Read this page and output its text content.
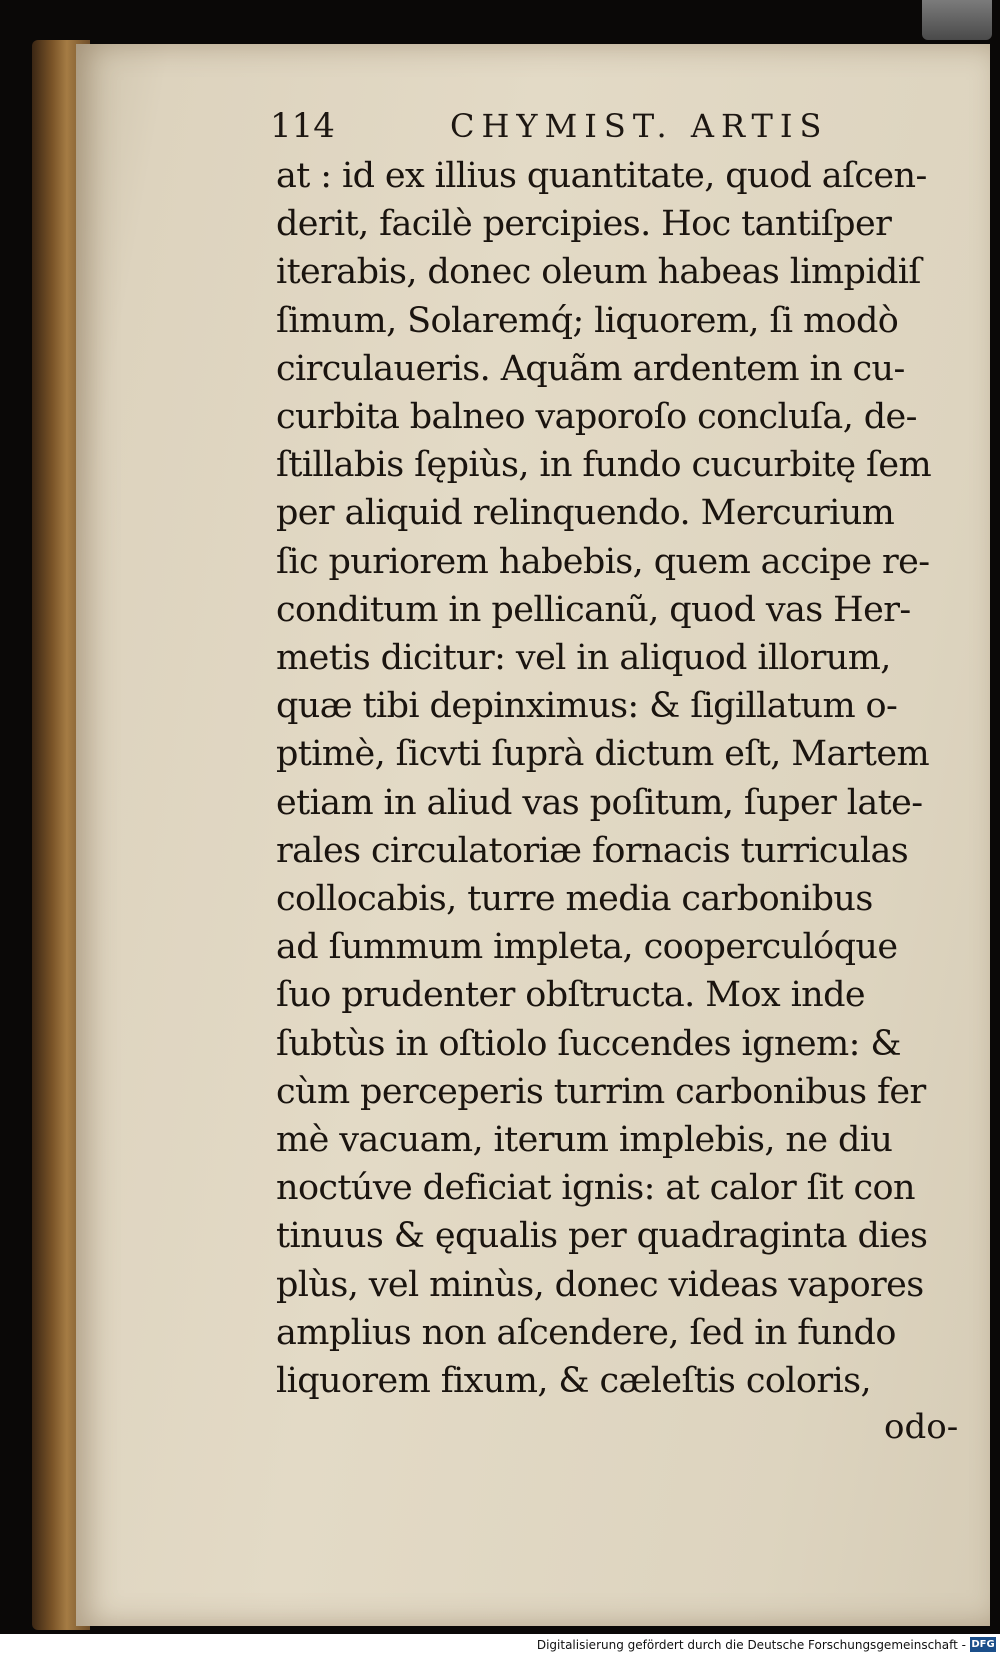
114	CHYMIST. ARTIS
at : id ex illius quantitate, quod aſcen-
derit, facilè percipies. Hoc tantiſper
iterabis, donec oleum habeas limpidiſ
ſimum, Solaremq́; liquorem, ſi modò
circulaueris. Aquãm ardentem in cu-
curbita balneo vaporoſo concluſa, de-
ſtillabis ſępiùs, in fundo cucurbitę ſem
per aliquid relinquendo. Mercurium
ſic puriorem habebis, quem accipe re-
conditum in pellicanũ, quod vas Her-
metis dicitur: vel in aliquod illorum,
quæ tibi depinximus: & ſigillatum o-
ptimè, ſicvti ſuprà dictum eſt, Martem
etiam in aliud vas poſitum, ſuper late-
rales circulatoriæ fornacis turriculas
collocabis, turre media carbonibus
ad ſummum impleta, cooperculóque
ſuo prudenter obſtructa. Mox inde
ſubtùs in oſtiolo ſuccendes ignem: &
cùm perceperis turrim carbonibus fer
mè vacuam, iterum implebis, ne diu
noctúve deficiat ignis: at calor ſit con
tinuus & ęqualis per quadraginta dies
plùs, vel minùs, donec videas vapores
amplius non aſcendere, ſed in fundo
liquorem fixum, & cæleſtis coloris,
odo-
Digitalisierung gefördert durch die Deutsche Forschungsgemeinschaft - DFG
